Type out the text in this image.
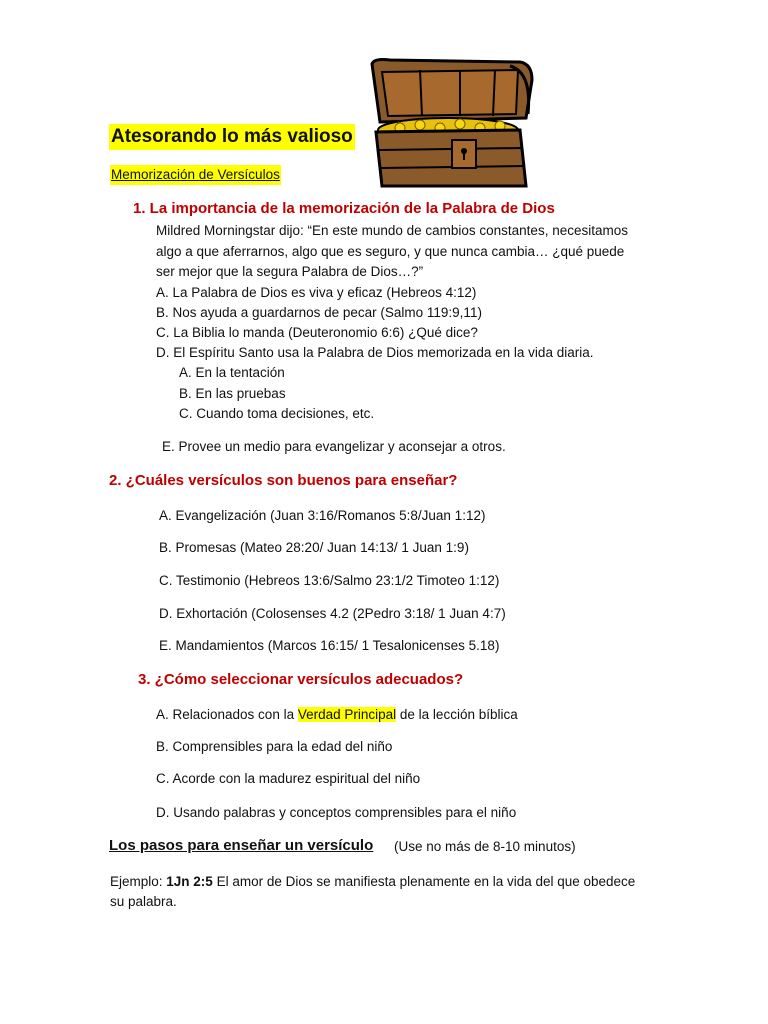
Atesorando lo más valioso
Memorización de Versículos
1. La importancia de la memorización de la Palabra de Dios
Mildred Morningstar dijo: “En este mundo de cambios constantes, necesitamos
algo a que aferrarnos, algo que es seguro, y que nunca cambia… ¿qué puede
ser mejor que la segura Palabra de Dios…?”
A. La Palabra de Dios es viva y eficaz (Hebreos 4:12)
B. Nos ayuda a guardarnos de pecar (Salmo 119:9,11)
C. La Biblia lo manda (Deuteronomio 6:6) ¿Qué dice?
D. El Espíritu Santo usa la Palabra de Dios memorizada en la vida diaria.
A. En la tentación
B. En las pruebas
C. Cuando toma decisiones, etc.
E. Provee un medio para evangelizar y aconsejar a otros.
2. ¿Cuáles versículos son buenos para enseñar?
A. Evangelización (Juan 3:16/Romanos 5:8/Juan 1:12)
B. Promesas (Mateo 28:20/ Juan 14:13/ 1 Juan 1:9)
C. Testimonio (Hebreos 13:6/Salmo 23:1/2 Timoteo 1:12)
D. Exhortación (Colosenses 4.2 (2Pedro 3:18/ 1 Juan 4:7)
E. Mandamientos (Marcos 16:15/ 1 Tesalonicenses 5.18)
3. ¿Cómo seleccionar versículos adecuados?
A. Relacionados con la Verdad Principal de la lección bíblica
B. Comprensibles para la edad del niño
C. Acorde con la madurez espiritual del niño
D. Usando palabras y conceptos comprensibles para el niño
Los pasos para enseñar un versículo (Use no más de 8-10 minutos)
Ejemplo: 1Jn 2:5 El amor de Dios se manifiesta plenamente en la vida del que obedece
su palabra.
